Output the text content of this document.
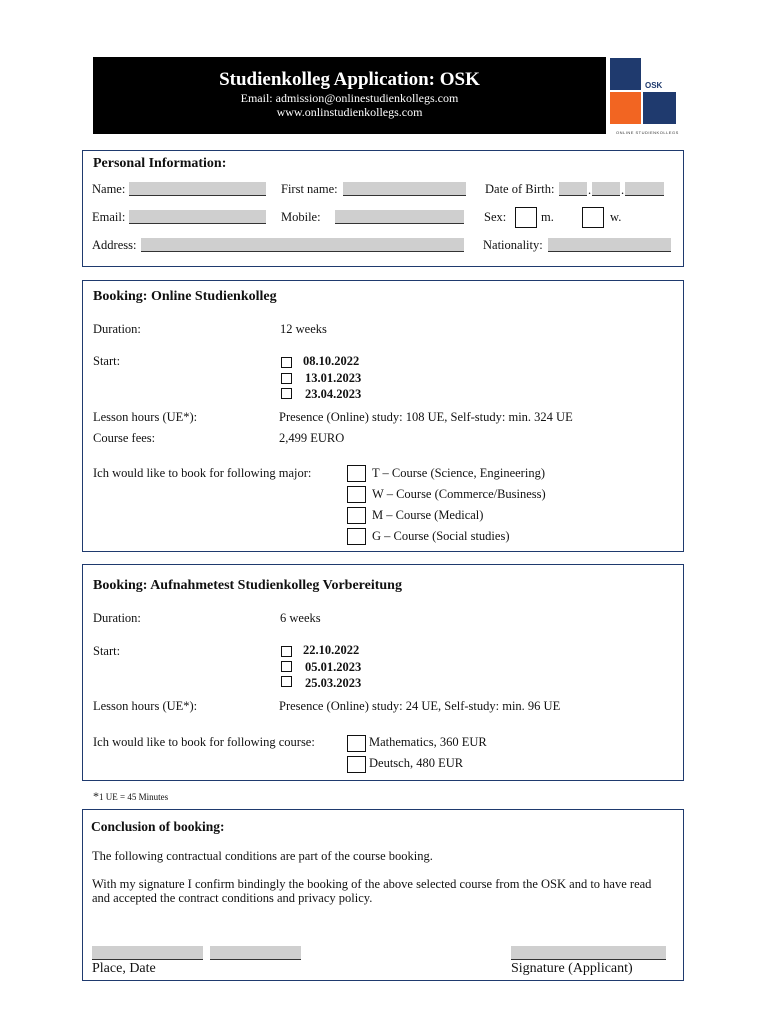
Studienkolleg Application: OSK
Email: admission@onlinestudienkollegs.com
www.onlinstudienkollegs.com
OSK
ONLINE STUDIENKOLLEGS
Personal Information:
Name:	First name:	Date of Birth:	. .
Email:	Mobile:	Sex:	m.	w.
Address:	Nationality:
Booking: Online Studienkolleg
Duration:	12 weeks
Start:	08.10.2022
13.01.2023
23.04.2023
Lesson hours (UE*):	Presence (Online) study: 108 UE, Self-study: min. 324 UE
Course fees:	2,499 EURO
Ich would like to book for following major:	T – Course (Science, Engineering)
W – Course (Commerce/Business)
M – Course (Medical)
G – Course (Social studies)
Booking: Aufnahmetest Studienkolleg Vorbereitung
Duration:	6 weeks
Start:	22.10.2022
05.01.2023
25.03.2023
Lesson hours (UE*):	Presence (Online) study: 24 UE, Self-study: min. 96 UE
Ich would like to book for following course:	Mathematics, 360 EUR
Deutsch, 480 EUR
*1 UE = 45 Minutes
Conclusion of booking:
The following contractual conditions are part of the course booking.
With my signature I confirm bindingly the booking of the above selected course from the OSK and to have read
and accepted the contract conditions and privacy policy.
Place, Date	Signature (Applicant)
